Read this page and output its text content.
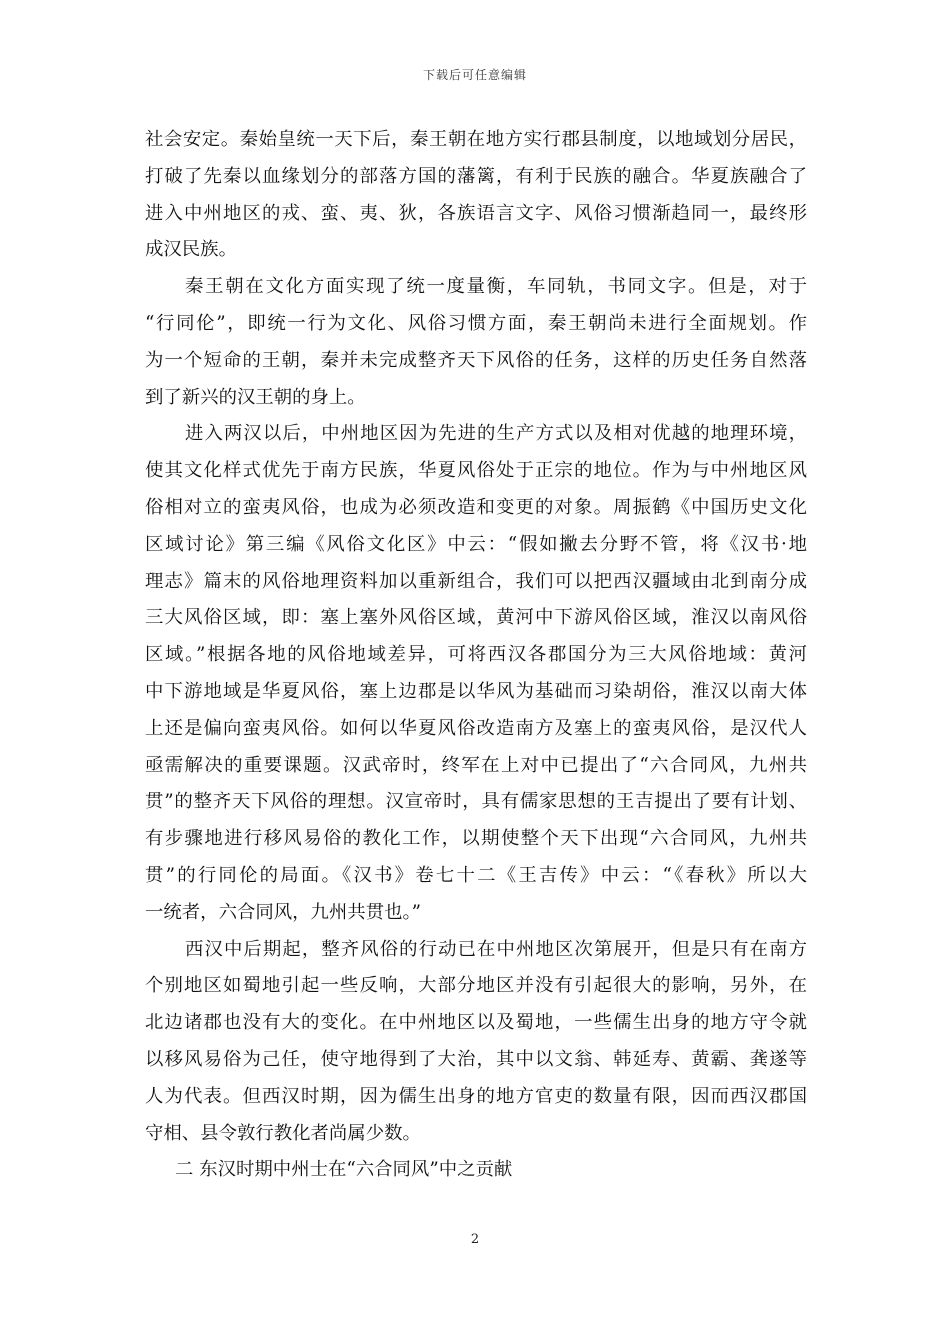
下载后可任意编辑
社会安定。秦始皇统一天下后，秦王朝在地方实行郡县制度，以地域划分居民，
打破了先秦以血缘划分的部落方国的藩篱，有利于民族的融合。华夏族融合了
进入中州地区的戎、蛮、夷、狄，各族语言文字、风俗习惯渐趋同一，最终形
成汉民族。
秦王朝在文化方面实现了统一度量衡，车同轨，书同文字。但是，对于
“行同伦”，即统一行为文化、风俗习惯方面，秦王朝尚未进行全面规划。作
为一个短命的王朝，秦并未完成整齐天下风俗的任务，这样的历史任务自然落
到了新兴的汉王朝的身上。
进入两汉以后，中州地区因为先进的生产方式以及相对优越的地理环境，
使其文化样式优先于南方民族，华夏风俗处于正宗的地位。作为与中州地区风
俗相对立的蛮夷风俗，也成为必须改造和变更的对象。周振鹤《中国历史文化
区域讨论》第三编《风俗文化区》中云：“假如撇去分野不管，将《汉书·地
理志》篇末的风俗地理资料加以重新组合，我们可以把西汉疆域由北到南分成
三大风俗区域，即：塞上塞外风俗区域，黄河中下游风俗区域，淮汉以南风俗
区域。”根据各地的风俗地域差异，可将西汉各郡国分为三大风俗地域：黄河
中下游地域是华夏风俗，塞上边郡是以华风为基础而习染胡俗，淮汉以南大体
上还是偏向蛮夷风俗。如何以华夏风俗改造南方及塞上的蛮夷风俗，是汉代人
亟需解决的重要课题。汉武帝时，终军在上对中已提出了“六合同风，九州共
贯”的整齐天下风俗的理想。汉宣帝时，具有儒家思想的王吉提出了要有计划、
有步骤地进行移风易俗的教化工作，以期使整个天下出现“六合同风，九州共
贯”的行同伦的局面。《汉书》卷七十二《王吉传》中云：“《春秋》所以大
一统者，六合同风，九州共贯也。”
西汉中后期起，整齐风俗的行动已在中州地区次第展开，但是只有在南方
个别地区如蜀地引起一些反响，大部分地区并没有引起很大的影响，另外，在
北边诸郡也没有大的变化。在中州地区以及蜀地，一些儒生出身的地方守令就
以移风易俗为己任，使守地得到了大治，其中以文翁、韩延寿、黄霸、龚遂等
人为代表。但西汉时期，因为儒生出身的地方官吏的数量有限，因而西汉郡国
守相、县令敦行教化者尚属少数。
二 东汉时期中州士在“六合同风”中之贡献
2
